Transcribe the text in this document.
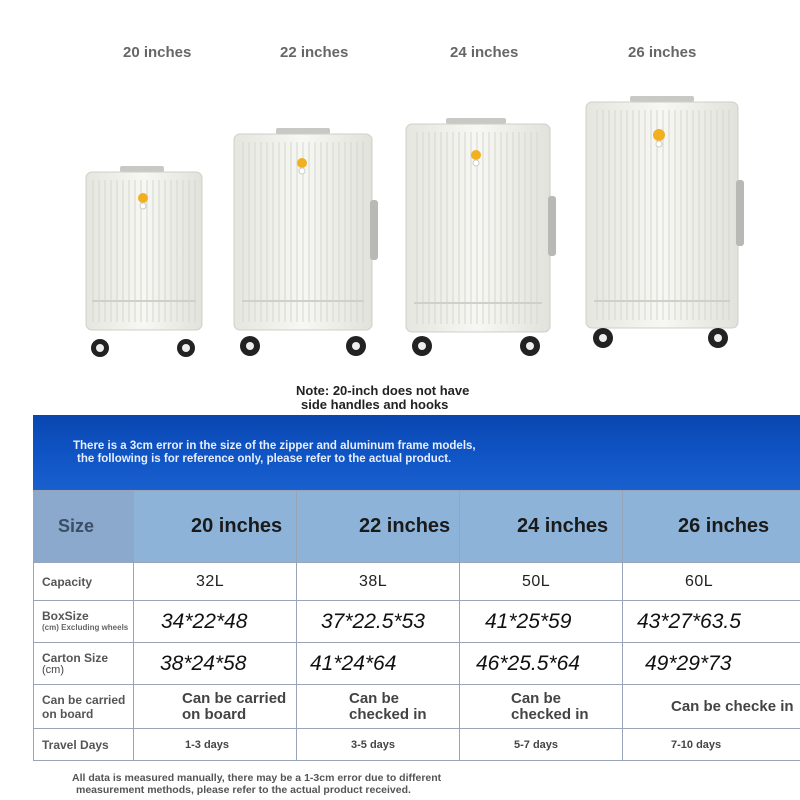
20 inches	22 inches	24 inches	26 inches
Note: 20-inch does not have
side handles and hooks
There is a 3cm error in the size of the zipper and aluminum frame models,
the following is for reference only, please refer to the actual product.
Size	20 inches	22 inches	24 inches	26 inches
Capacity	32L	38L	50L	60L

BoxSize
(cm) Excluding wheels	34*22*48	37*22.5*53	41*25*59	43*27*63.5

Carton Size
(cm)	38*24*58	41*24*64	46*25.5*64	49*29*73
Can be carried on board	Can be carried on board	Can be checked in	Can be checked in	Can be checke in
Travel Days	1-3 days	3-5 days	5-7 days	7-10 days
All data is measured manually, there may be a 1-3cm error due to different
measurement methods, please refer to the actual product received.
